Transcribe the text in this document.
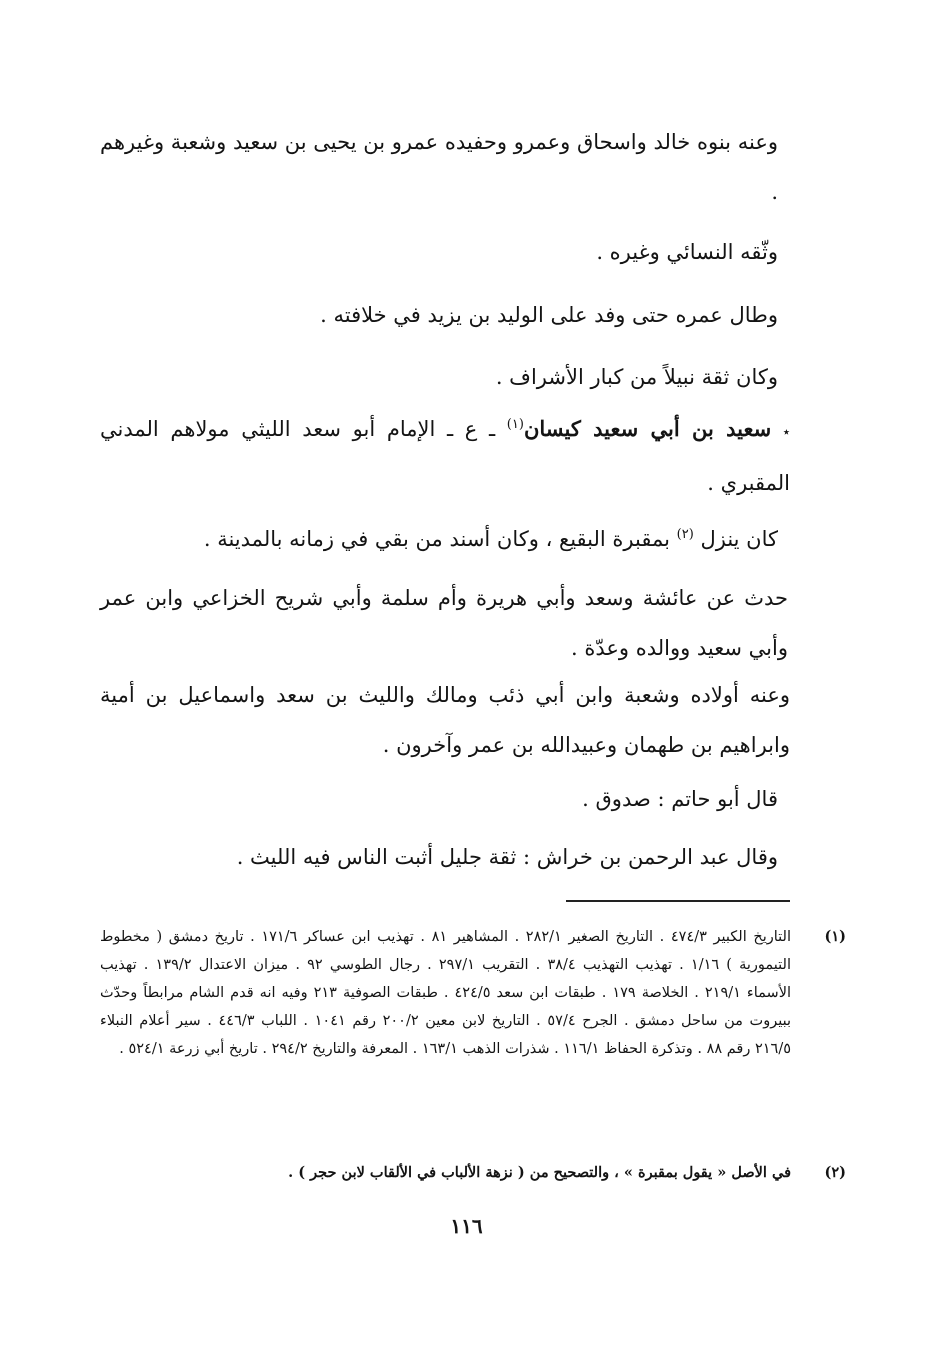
وعنه بنوه خالد واسحاق وعمرو وحفيده عمرو بن يحيى بن سعيد وشعبة وغيرهم .

وثّقه النسائي وغيره .

وطال عمره حتى وفد على الوليد بن يزيد في خلافته .

وكان ثقة نبيلاً من كبار الأشراف .

٭ سعيد بن أبي سعيد كيسان$^{(١)}$ ـ ع ـ الإمام أبو سعد الليثي مولاهم المدني المقبري .

كان ينزل $^{(٢)}$ بمقبرة البقيع ، وكان أسند من بقي في زمانه بالمدينة .

حدث عن عائشة وسعد وأبي هريرة وأم سلمة وأبي شريح الخزاعي وابن عمر وأبي سعيد ووالده وعدّة .

وعنه أولاده وشعبة وابن أبي ذئب ومالك والليث بن سعد واسماعيل بن أمية وابراهيم بن طهمان وعبيدالله بن عمر وآخرون .

قال أبو حاتم : صدوق .

وقال عبد الرحمن بن خراش : ثقة جليل أثبت الناس فيه الليث .

(١)
التاريخ الكبير ٤٧٤/٣ . التاريخ الصغير ٢٨٢/١ . المشاهير ٨١ . تهذيب ابن عساكر ١٧١/٦ . تاريخ دمشق ( مخطوط التيمورية ) ١/١٦ . تهذيب التهذيب ٣٨/٤ . التقريب ٢٩٧/١ . رجال الطوسي ٩٢ . ميزان الاعتدال ١٣٩/٢ . تهذيب الأسماء ٢١٩/١ . الخلاصة ١٧٩ . طبقات ابن سعد ٤٢٤/٥ . طبقات الصوفية ٢١٣ وفيه انه قدم الشام مرابطاً وحدّث ببيروت من ساحل دمشق . الجرح ٥٧/٤ . التاريخ لابن معين ٢٠٠/٢ رقم ١٠٤١ . اللباب ٤٤٦/٣ . سير أعلام النبلاء ٢١٦/٥ رقم ٨٨ . وتذكرة الحفاظ ١١٦/١ . شذرات الذهب ١٦٣/١ . المعرفة والتاريخ ٢٩٤/٢ . تاريخ أبي زرعة ٥٢٤/١ .
(٢)
في الأصل « يقول بمقبرة » ، والتصحيح من ( نزهة الألباب في الألقاب لابن حجر ) .
١١٦
